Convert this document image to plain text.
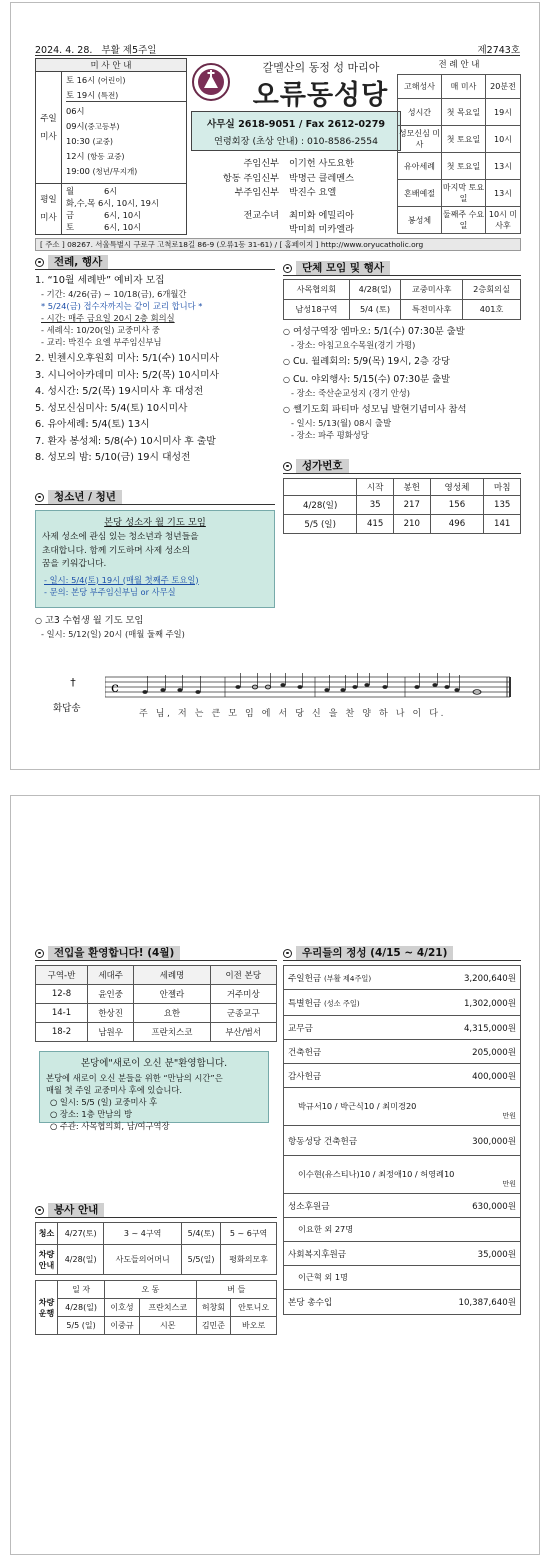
2024. 4. 28. 부활 제5주일	제2743호
미 사 안 내
주일
미사
토 16시 (어린이)
토 19시 (특전)
06시
09시(중고등부)
10:30 (교중)
12시 (항동 교중)
19:00 (청년/무지개)
평일
미사
월	6시
화,수,목 6시, 10시, 19시
금	6시, 10시
토	6시, 10시
갈멜산의 동정 성 마리아
오류동성당
사무실 2618-9051 / Fax 2612-0279
연령회장 (초상 안내) : 010-8586-2554
주임신부	이기헌 사도요한
항동 주임신부	박명근 클레멘스
부주임신부	박진수 요엘
전교수녀	최미화 에밀리아
박미희 미카엘라
전 례 안 내
고해성사	매 미사	20분전
성시간	첫 목요일	19시
성모신심 미사	첫 토요일	10시
유아세례	첫 토요일	13시
혼배예절	마지막 토요일	13시
봉성체	둘째주 수요일	10시 미사후
[ 주소 ] 08267. 서울특별시 구로구 고척로18길 86-9 (오류1동 31-61) / [ 홈페이지 ] http://www.oryucatholic.org
전례, 행사
1. “10월 세례반” 예비자 모집
- 기간: 4/26(금) ~ 10/18(금), 6개월간
* 5/24(금) 접수자까지는 같이 교리 합니다 *
- 시간: 매주 금요일 20시 2층 회의실
- 세례식: 10/20(일) 교중미사 중
- 교리: 박진수 요엘 부주임신부님
2. 빈첸시오후원회 미사: 5/1(수) 10시미사
3. 시니어아카데미 미사: 5/2(목) 10시미사
4. 성시간: 5/2(목) 19시미사 후 대성전
5. 성모신심미사: 5/4(토) 10시미사
6. 유아세례: 5/4(토) 13시
7. 환자 봉성체: 5/8(수) 10시미사 후 출발
8. 성모의 밤: 5/10(금) 19시 대성전
청소년 / 청년
본당 성소자 월 기도 모임
사제 성소에 관심 있는 청소년과 청년들을
초대합니다. 함께 기도하며 사제 성소의
꿈을 키워갑니다.
- 일시: 5/4(토) 19시 (매월 첫째주 토요일)
- 문의: 본당 부주임신부님 or 사무실
○ 고3 수험생 월 기도 모임
- 일시: 5/12(일) 20시 (매월 둘째 주일)
단체 모임 및 행사
사목협의회	4/28(일)	교중미사후	2층회의실
남성18구역	5/4 (토)	특전미사후	401호
○ 여성구역장 엠마오: 5/1(수) 07:30분 출발
- 장소: 아침고요수목원(경기 가평)
○ Cu. 월례회의: 5/9(목) 19시, 2층 강당
○ Cu. 야외행사: 5/15(수) 07:30분 출발
- 장소: 죽산순교성지 (경기 안성)
○ 쎌기도회 파티마 성모님 발현기념미사 참석
- 일시: 5/13(월) 08시 출발
- 장소: 파주 평화성당
성가번호
	시작	봉헌	영성체	마침
4/28(일)	35	217	156	135
5/5 (일)	415	210	496	141
†
화답송
c
주 님, 저 는 큰 모 임 에 서 당 신 을 찬 양 하 나 이 다.
전입을 환영합니다! (4월)
구역-반	세대주	세례명	이전 본당
12-8	윤인중	안젤라	거주미상
14-1	한상진	요한	군종교구
18-2	남원우	프란치스코	부산/범서
본당에"새로이 오신 분"환영합니다.
본당에 새로이 오신 분들을 위한 “만남의 시간”은
매월 첫 주일 교중미사 후에 있습니다.
○ 일시: 5/5 (일) 교중미사 후
○ 장소: 1층 만남의 방
○ 주관: 사목협의회, 남/여구역장
봉사 안내
청소	4/27(토)	3 ~ 4구역	5/4(토)	5 ~ 6구역
차량 안내	4/28(일)	사도들의어머니	5/5(일)	평화의모후
차량 운행	일 자	오 동		버 들	
	4/28(일)	이호성	프란치스코	허창회	안토니오
	5/5 (일)	이중규	시몬	김민준	바오로
우리들의 정성 (4/15 ~ 4/21)
주일헌금 (부활 제4주일)	3,200,640원
특별헌금 (성소 주일)	1,302,000원
교무금	4,315,000원
건축헌금	205,000원
감사헌금	400,000원
박규서10 / 박근식10 / 최미경20
만원
항동성당 건축헌금	300,000원
이수현(유스티나)10 / 최정애10 / 허영례10
만원
성소후원금	630,000원
이요한 외 27명
사회복지후원금	35,000원
이근혁 외 1명
본당 총수입	10,387,640원
